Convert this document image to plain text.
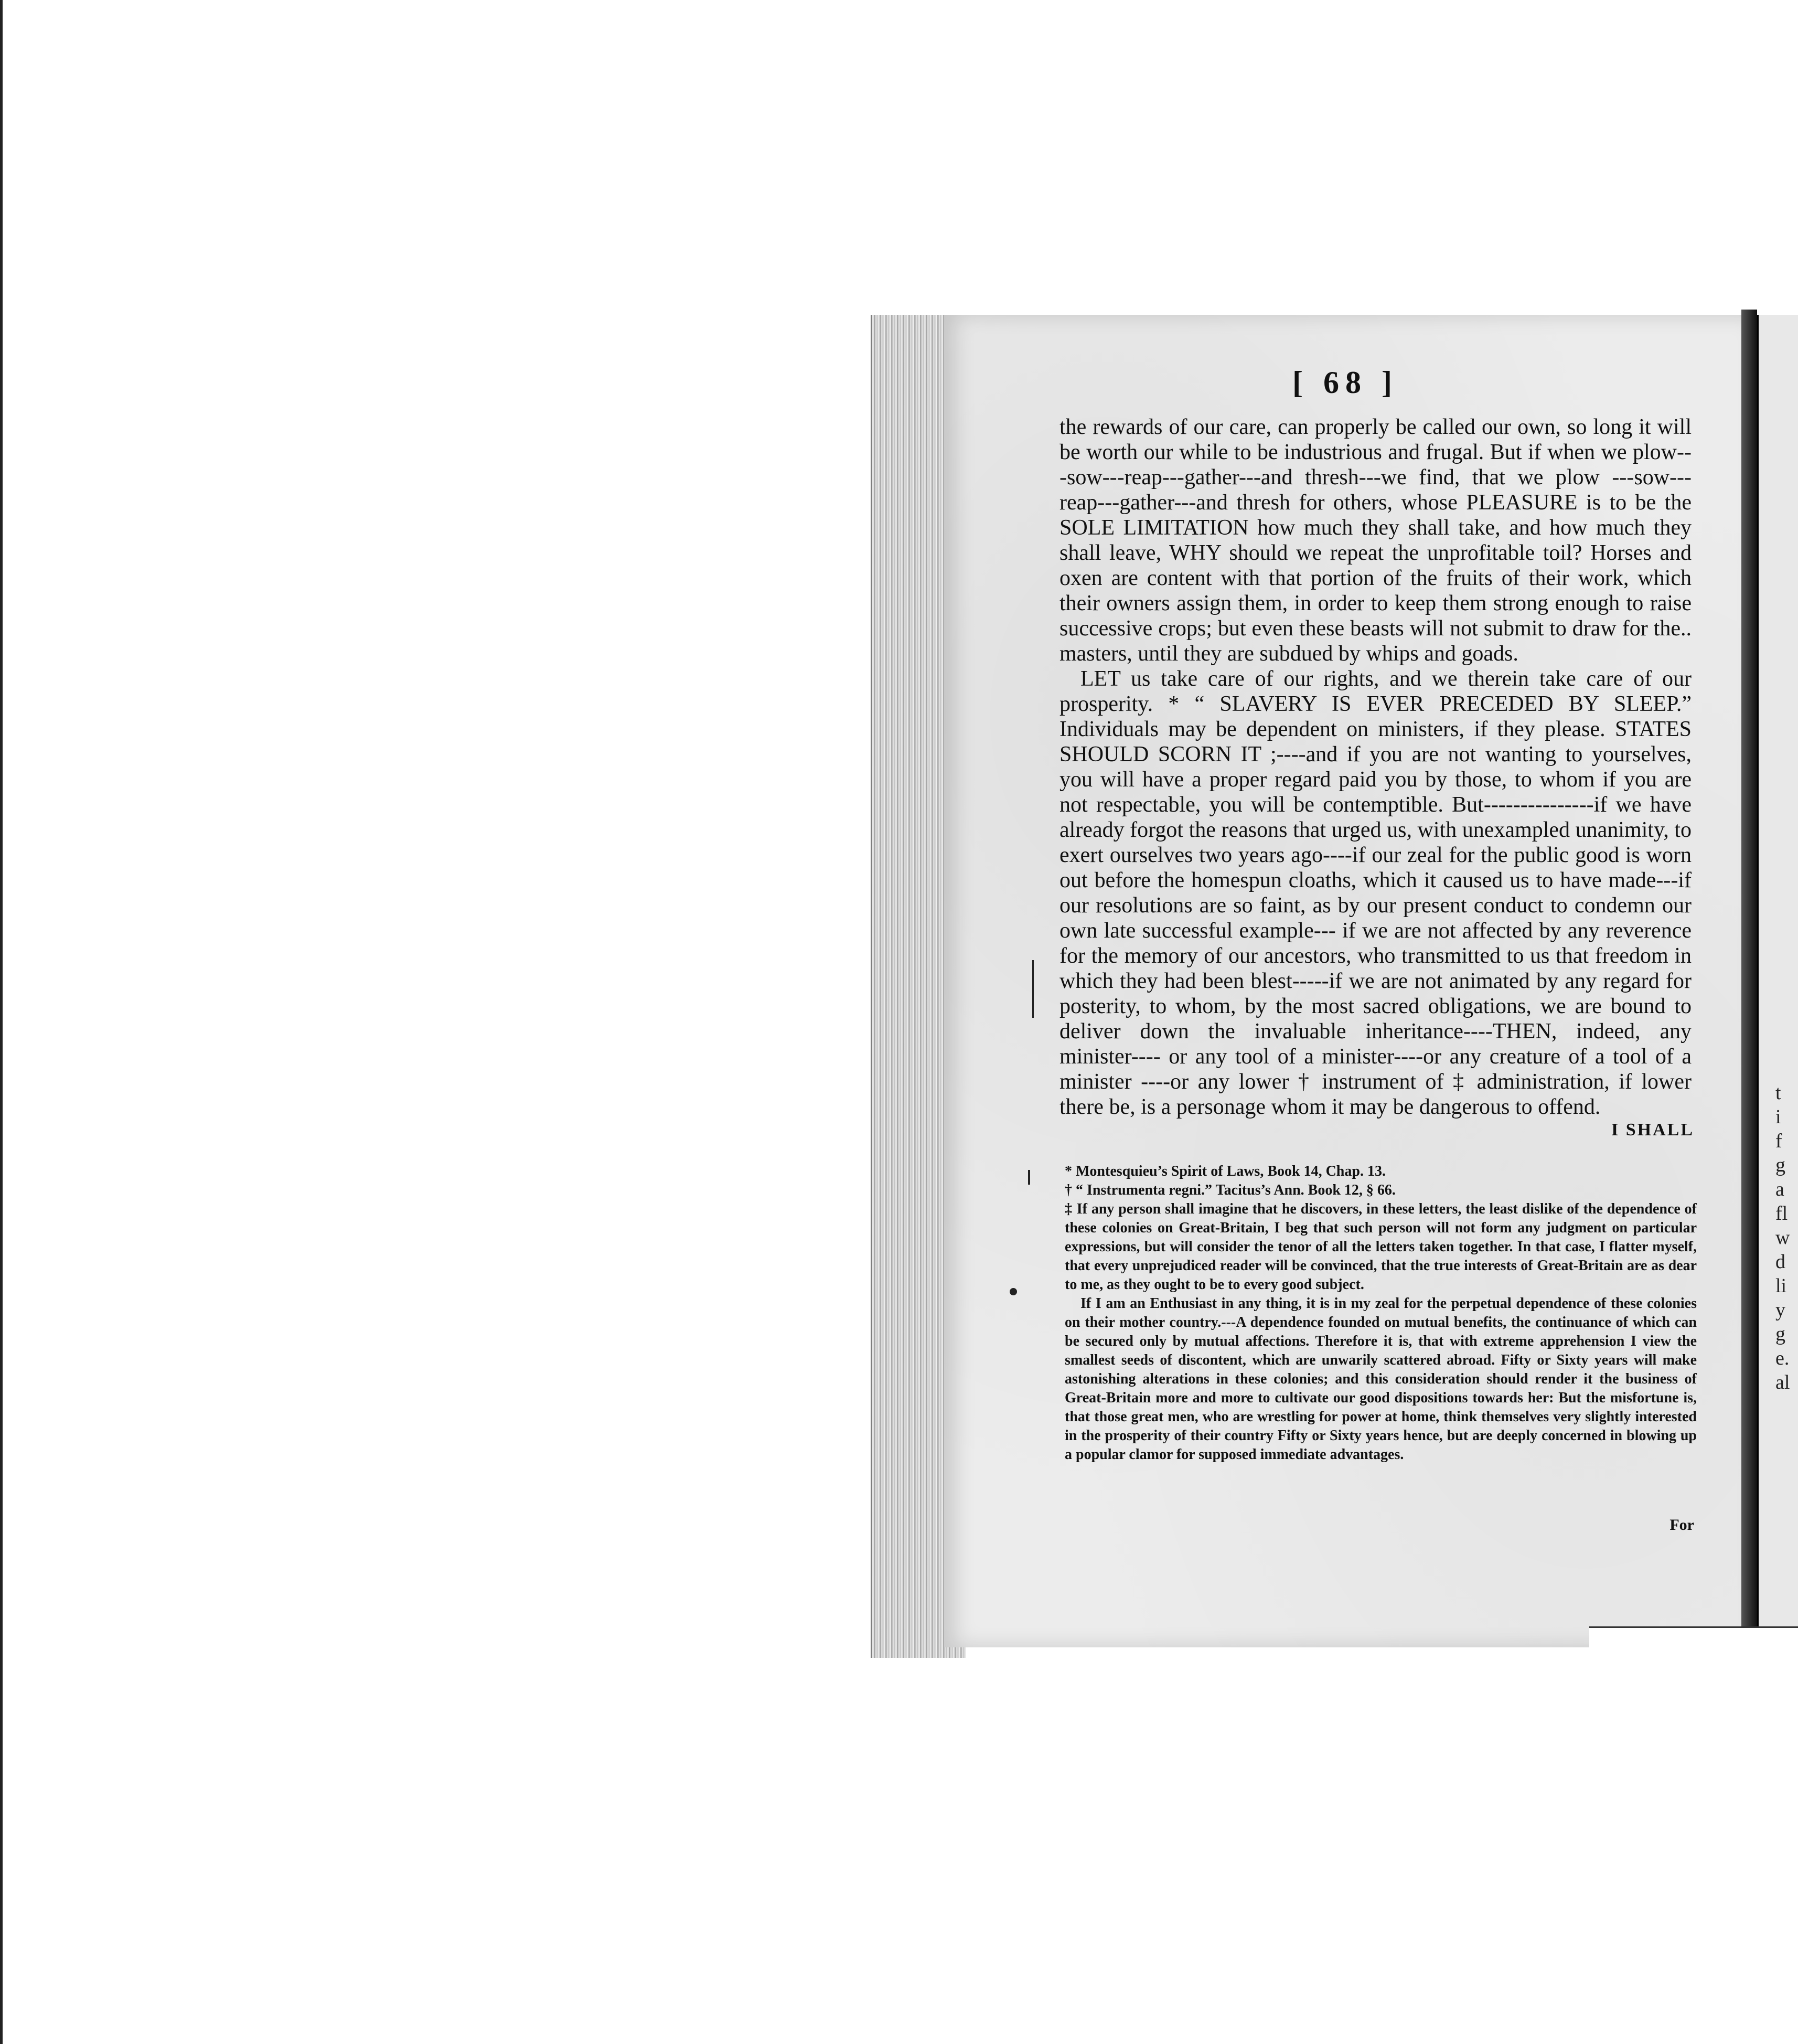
t
i
f
g
a
fl
w
d
li
y
g
e.
al
[ 68 ]

the rewards of our care, can properly be called our own, so long it will be worth our while to be industrious and frugal. But if when we plow---sow---reap---gather---and thresh---we find, that we plow ---sow---reap---gather---and thresh for others, whose PLEASURE is to be the SOLE LIMITATION how much they shall take, and how much they shall leave, WHY should we repeat the unprofitable toil? Horses and oxen are content with that portion of the fruits of their work, which their owners assign them, in order to keep them strong enough to raise successive crops; but even these beasts will not submit to draw for the.. masters, until they are subdued by whips and goads.

LET us take care of our rights, and we therein take care of our prosperity. * “ SLAVERY IS EVER PRECEDED BY SLEEP.” Individuals may be dependent on ministers, if they please. STATES SHOULD SCORN IT ;----and if you are not wanting to yourselves, you will have a proper regard paid you by those, to whom if you are not respectable, you will be contemptible. But---------------if we have already forgot the reasons that urged us, with unexampled unanimity, to exert ourselves two years ago----if our zeal for the public good is worn out before the homespun cloaths, which it caused us to have made---if our resolutions are so faint, as by our present conduct to condemn our own late successful example--- if we are not affected by any reverence for the memory of our ancestors, who transmitted to us that freedom in which they had been blest-----if we are not animated by any regard for posterity, to whom, by the most sacred obligations, we are bound to deliver down the invaluable inheritance----THEN, indeed, any minister---- or any tool of a minister----or any creature of a tool of a minister ----or any lower † instrument of ‡ administration, if lower there be, is a personage whom it may be dangerous to offend.

I SHALL

* Montesquieu’s Spirit of Laws, Book 14, Chap. 13.

† “ Instrumenta regni.” Tacitus’s Ann. Book 12, § 66.

‡ If any person shall imagine that he discovers, in these letters, the least dislike of the dependence of these colonies on Great-Britain, I beg that such person will not form any judgment on particular expressions, but will consider the tenor of all the letters taken together. In that case, I flatter myself, that every unprejudiced reader will be convinced, that the true interests of Great-Britain are as dear to me, as they ought to be to every good subject.

If I am an Enthusiast in any thing, it is in my zeal for the perpetual dependence of these colonies on their mother country.---A dependence founded on mutual benefits, the continuance of which can be secured only by mutual affections. Therefore it is, that with extreme apprehension I view the smallest seeds of discontent, which are unwarily scattered abroad. Fifty or Sixty years will make astonishing alterations in these colonies; and this consideration should render it the business of Great-Britain more and more to cultivate our good dispositions towards her: But the misfortune is, that those great men, who are wrestling for power at home, think themselves very slightly interested in the prosperity of their country Fifty or Sixty years hence, but are deeply concerned in blowing up a popular clamor for supposed immediate advantages.

For
